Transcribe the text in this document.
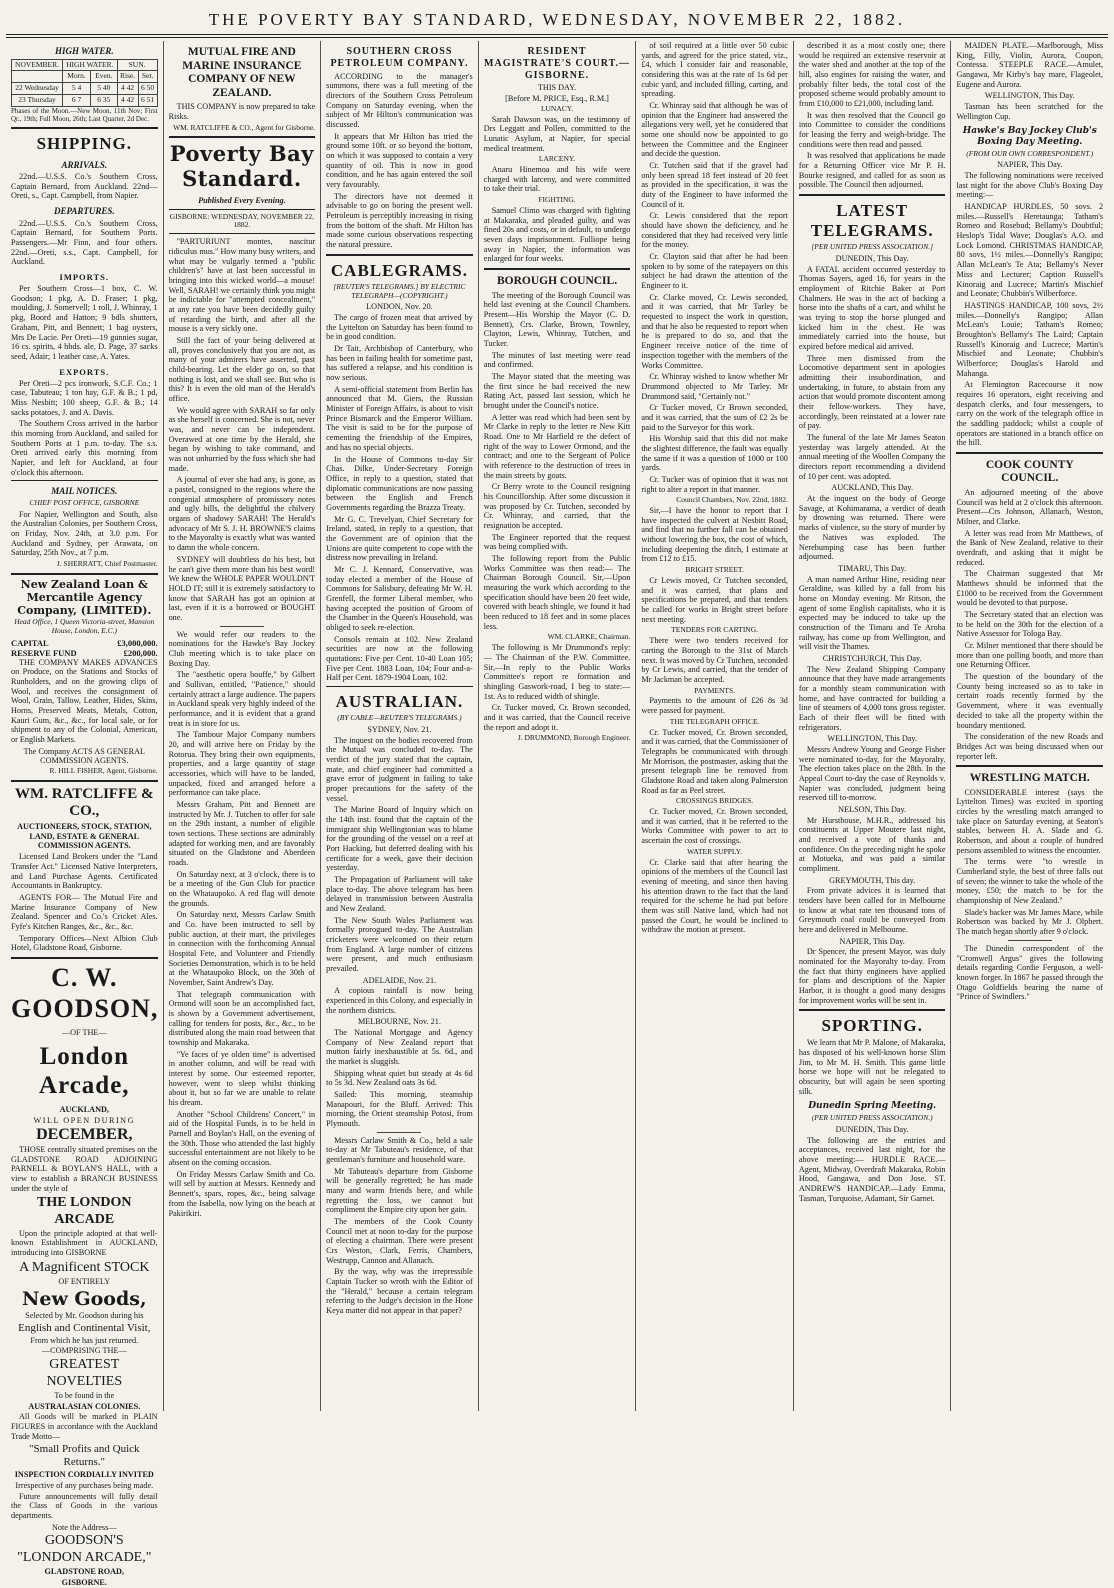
THE POVERTY BAY STANDARD, WEDNESDAY, NOVEMBER 22, 1882.
HIGH WATER.
NOVEMBER.	HIGH WATER.		SUN.	
	Morn.	Even.	Rise.	Set.
22 Wednesday	5 4	5 40	4 42	6 50
23 Thursday	6 7	6 35	4 42	6 51

Phases of the Moon.—New Moon, 11th Nov; First Qr., 19th; Full Moon, 26th; Last Quarter, 2d Dec.

SHIPPING.
ARRIVALS.

22nd.—U.S.S. Co.'s Southern Cross, Captain Bernard, from Auckland. 22nd—Oreti, s., Capt. Campbell, from Napier.

DEPARTURES.

22nd.—U.S.S. Co.'s Southern Cross, Captain Bernard, for Southern Ports. Passengers.—Mr Finn, and four others. 22nd.—Oreti, s.s., Capt. Campbell, for Auckland.

IMPORTS.

Per Southern Cross—1 box, C. W. Goodson; 1 pkg, A. D. Fraser; 1 pkg, moulding, J. Somervell; 1 roll, J. Whinray, 1 pkg, Boord and Hatton; 9 bdls shutters, Graham, Pitt, and Bennett; 1 bag oysters, Mrs De Lacie. Per Oreti—19 gunnies sugar, 16 cs. spirits, 4 hhds. ale, D. Page, 37 sacks seed, Adair; 1 leather case, A. Yates.

EXPORTS.

Per Oreti—2 pcs ironwork, S.C.F. Co.; 1 case, Tabuteau; 1 ton hay, G.F. & B.; 1 pd, Miss Nesbitt; 100 sheep, G.F. & B.; 14 sacks potatoes, J. and A. Davis.

The Southern Cross arrived in the harbor this morning from Auckland, and sailed for Southern Ports at 1 p.m. to-day. The s.s. Oreti arrived early this morning from Napier, and left for Auckland, at four o'clock this afternoon.

MAIL NOTICES.
CHIEF POST OFFICE, GISBORNE

For Napier, Wellington and South, also the Australian Colonies, per Southern Cross, on Friday, Nov. 24th, at 3.0 p.m. For Auckland and Sydney, per Arawata, on Saturday, 25th Nov., at 7 p.m.

J. SHERRATT, Chief Postmaster.
New Zealand Loan & Mercantile Agency Company, (LIMITED).
Head Office, 1 Queen Victoria-street, Mansion House, London, E.C.)
CAPITAL	£3,000,000.
RESERVE FUND	£200,000.

THE COMPANY MAKES ADVANCES on Produce, on the Stations and Stocks of Runholders, and on the growing clips of Wool, and receives the consignment of Wool, Grain, Tallow, Leather, Hides, Skins, Horns, Preserved Meats, Metals, Cotton, Kauri Gum, &c., &c., for local sale, or for shipment to any of the Colonial, American, or English Markets.

The Company ACTS AS GENERAL COMMISSION AGENTS.
R. HILL FISHER, Agent, Gisborne.
WM. RATCLIFFE & CO.,
AUCTIONEERS, STOCK, STATION, LAND, ESTATE & GENERAL COMMISSION AGENTS.

Licensed Land Brokers under the "Land Transfer Act." Licensed Native Interpreters, and Land Purchase Agents. Certificated Accountants in Bankruptcy.

AGENTS FOR— The Mutual Fire and Marine Insurance Company of New Zealand. Spencer and Co.'s Cricket Ales. Fyfe's Kitchen Ranges, &c., &c., &c.

Temporary Offices—Next Albion Club Hotel, Gladstone Road, Gisborne.

C. W. GOODSON,
—OF THE—
London Arcade,
AUCKLAND,
WILL OPEN DURING
DECEMBER,

THOSE centrally situated premises on the GLADSTONE ROAD ADJOINING PARNELL & BOYLAN'S HALL, with a view to establish a BRANCH BUSINESS under the style of

THE LONDON ARCADE

Upon the principle adopted at that well-known Establishment in AUCKLAND, introducing into GISBORNE

A Magnificent STOCK
OF ENTIRELY
New Goods,
Selected by Mr. Goodson during his
English and Continental Visit,
From which he has just returned.
—COMPRISING THE—
GREATEST NOVELTIES
To be found in the
AUSTRALASIAN COLONIES.

All Goods will be marked in PLAIN FIGURES in accordance with the Auckland Trade Motto—

"Small Profits and Quick Returns."
INSPECTION CORDIALLY INVITED
Irrespective of any purchases being made.

Future announcements will fully detail the Class of Goods in the various departments.

Note the Address—
GOODSON'S
"LONDON ARCADE,"
GLADSTONE ROAD,
GISBORNE.
MUTUAL FIRE AND MARINE INSURANCE COMPANY OF NEW ZEALAND.

THIS COMPANY is now prepared to take Risks.

WM. RATCLIFFE & CO., Agent for Gisborne.
Poverty Bay Standard.
Published Every Evening.
GISBORNE: WEDNESDAY, NOVEMBER 22, 1882.

"PARTURIUNT montes, nascitur ridiculus mus." How many busy writers, and what may be vulgarly termed a "public children's" have at last been successful in bringing into this wicked world—a mouse! Well, SARAH! we certainly think you might be indictable for "attempted concealment," at any rate you have been decidedly guilty of retarding the birth, and after all the mouse is a very sickly one.

Still the fact of your being delivered at all, proves conclusively that you are not, as many of your admirers have asserted, past child-bearing. Let the elder go on, so that nothing is lost, and we shall see. But who is this? It is even the old man of the Herald's office.

We would agree with SARAH so far only as she herself is concerned. She is not, never was, and never can be independent. Overawed at one time by the Herald, she began by wishing to take command, and was not unhurried by the fuss which she had made.

A journal of ever she had any, is gone, as a pastel, consigned to the regions where the congenial atmosphere of promissory notes and ugly bills, the delightful the chilvery organs of shadowy SARAH! The Herald's advocacy of Mr S. J. H. BROWNE'S claims to the Mayoralty is exactly what was wanted to damn the whole concern.

SYDNEY will doubtless do his best, but he can't give them more than his best word! We knew the WHOLE PAPER WOULDN'T HOLD IT; still it is extremely satisfactory to know that SARAH has got an opinion at last, even if it is a borrowed or BOUGHT one.

We would refer our readers to the nominations for the Hawke's Bay Jockey Club meeting which is to take place on Boxing Day.

The "aesthetic opera bouffe," by Gilbert and Sullivan, entitled, "Patience," should certainly attract a large audience. The papers in Auckland speak very highly indeed of the performance, and it is evident that a grand treat is in store for us.

The Tambour Major Company numbers 20, and will arrive here on Friday by the Rotorua. They bring their own equipments, properties, and a large quantity of stage accessories, which will have to be landed, unpacked, fixed and arranged before a performance can take place.

Messrs Graham, Pitt and Bennett are instructed by Mr. J. Tutchen to offer for sale on the 29th instant, a number of eligible town sections. These sections are admirably adapted for working men, and are favorably situated on the Gladstone and Aberdeen roads.

On Saturday next, at 3 o'clock, there is to be a meeting of the Gun Club for practice on the Whataupoko. A red flag will denote the grounds.

On Saturday next, Messrs Carlaw Smith and Co. have been instructed to sell by public auction, at their mart, the privileges in connection with the forthcoming Annual Hospital Fete, and Volunteer and Friendly Societies Demonstration, which is to be held at the Whataupoko Block, on the 30th of November, Saint Andrew's Day.

That telegraph communication with Ormond will soon be an accomplished fact, is shown by a Government advertisement, calling for tenders for posts, &c., &c., to be distributed along the main road between that township and Makaraka.

"Ye faces of ye olden time" is advertised in another column, and will be read with interest by some. Our esteemed reporter, however, went to sleep whilst thinking about it, but so far we are unable to relate his dream.

Another "School Childrens' Concert," in aid of the Hospital Funds, is to be held in Parnell and Boylan's Hall, on the evening of the 30th. Those who attended the last highly successful entertainment are not likely to be absent on the coming occasion.

On Friday Messrs Carlaw Smith and Co. will sell by auction at Messrs. Kennedy and Bennett's, spars, ropes, &c., being salvage from the Isabella, now lying on the beach at Pakirikiri.

SOUTHERN CROSS PETROLEUM COMPANY.

ACCORDING to the manager's summons, there was a full meeting of the directors of the Southern Cross Petroleum Company on Saturday evening, when the subject of Mr Hilton's communication was discussed.

It appears that Mr Hilton has tried the ground some 10ft. or so beyond the bottom, on which it was supposed to contain a very quantity of oil. This is now in good condition, and he has again entered the soil very favourably.

The directors have not deemed it advisable to go on boring the present well. Petroleum is perceptibly increasing in rising from the bottom of the shaft. Mr Hilton has made some curious observations respecting the natural pressure.

CABLEGRAMS.
[REUTER'S TELEGRAMS.] BY ELECTRIC TELEGRAPH—(COPYRIGHT.)
LONDON, Nov. 20.

The cargo of frozen meat that arrived by the Lyttelton on Saturday has been found to be in good condition.

Dr Tait, Archbishop of Canterbury, who has been in failing health for sometime past, has suffered a relapse, and his condition is now serious.

A semi-official statement from Berlin has announced that M. Giers, the Russian Minister of Foreign Affairs, is about to visit Prince Bismarck and the Emperor William. The visit is said to be for the purpose of cementing the friendship of the Empires, and has no special objects.

In the House of Commons to-day Sir Chas. Dilke, Under-Secretary Foreign Office, in reply to a question, stated that diplomatic communications are now passing between the English and French Governments regarding the Brazza Treaty.

Mr G. C. Trevelyan, Chief Secretary for Ireland, stated, in reply to a question, that the Government are of opinion that the Unions are quite competent to cope with the distress now prevailing in Ireland.

Mr C. J. Kennard, Conservative, was today elected a member of the House of Commons for Salisbury, defeating Mr W. H. Grenfell, the former Liberal member, who having accepted the position of Groom of the Chamber in the Queen's Household, was obliged to seek re-election.

Consols remain at 102. New Zealand securities are now at the following quotations: Five per Cent. 10-40 Loan 105; Five per Cent. 1883 Loan, 104; Four and-a-Half per Cent. 1879-1904 Loan, 102.

AUSTRALIAN.
(BY CABLE—REUTER'S TELEGRAMS.)
SYDNEY, Nov. 21.

The inquest on the bodies recovered from the Mutual was concluded to-day. The verdict of the jury stated that the captain, mate, and chief engineer had committed a grave error of judgment in failing to take proper precautions for the safety of the vessel.

The Marine Board of Inquiry which on the 14th inst. found that the captain of the immigrant ship Wellingtonian was to blame for the grounding of the vessel on a reef at Port Hacking, but deferred dealing with his certificate for a week, gave their decision yesterday.

The Propagation of Parliament will take place to-day. The above telegram has been delayed in transmission between Australia and New Zealand.

The New South Wales Parliament was formally prorogued to-day. The Australian cricketers were welcomed on their return from England. A large number of citizens were present, and much enthusiasm prevailed.

ADELAIDE, Nov. 21.

A copious rainfall is now being experienced in this Colony, and especially in the northern districts.

MELBOURNE, Nov. 21.

The National Mortgage and Agency Company of New Zealand report that mutton fairly inexhaustible at 5s. 6d., and the market is sluggish.

Shipping wheat quiet but steady at 4s 6d to 5s 3d. New Zealand oats 3s 6d.

Sailed: This morning, steamship Manapouri, for the Bluff. Arrived: This morning, the Orient steamship Potosi, from Plymouth.

Messrs Carlaw Smith & Co., held a sale to-day at Mr Tabuteau's residence, of that gentleman's furniture and household ware.

Mr Tabuteau's departure from Gisborne will be generally regretted; he has made many and warm friends here, and while regretting the loss, we cannot but compliment the Empire city upon her gain.

The members of the Cook County Council met at noon to-day for the purpose of electing a chairman. There were present Crs Weston, Clark, Ferris, Chambers, Westrupp, Cannon and Allanach.

By the way, why was the irrepressible Captain Tucker so wroth with the Editor of the "Herald," because a certain telegram referring to the Judge's decision in the Hone Keya matter did not appear in that paper?

RESIDENT MAGISTRATE'S COURT.—GISBORNE.
THIS DAY.
[Before M. PRICE, Esq., R.M.]
LUNACY.

Sarah Dawson was, on the testimony of Drs Leggatt and Pollen, committed to the Lunatic Asylum, at Napier, for special medical treatment.

LARCENY.

Anaru Hinemoa and his wife were charged with larceny, and were committed to take their trial.

FIGHTING.

Samuel Climo was charged with fighting at Makaraka, and pleaded guilty, and was fined 20s and costs, or in default, to undergo seven days imprisonment. Fulliope being away in Napier, the information was enlarged for four weeks.

BOROUGH COUNCIL.

The meeting of the Borough Council was held last evening at the Council Chambers. Present—His Worship the Mayor (C. D. Bennett), Crs. Clarke, Brown, Townley, Clayton, Lewis, Whinray, Tutchen, and Tucker.

The minutes of last meeting were read and confirmed.

The Mayor stated that the meeting was the first since he had received the new Rating Act, passed last session, which he brought under the Council's notice.

A letter was read which had been sent by Mr Clarke in reply to the letter re New Kitt Road. One to Mr Harfield re the defect of right of the way to Lower Ormond, and the contract; and one to the Sergeant of Police with reference to the destruction of trees in the main streets by goats.

Cr Berry wrote to the Council resigning his Councillorship. After some discussion it was proposed by Cr. Tutchen, seconded by Cr. Whinray, and carried, that the resignation be accepted.

The Engineer reported that the request was being complied with.

The following report from the Public Works Committee was then read:— The Chairman Borough Council. Sir,—Upon measuring the work which according to the specification should have been 20 feet wide, covered with beach shingle, we found it had been reduced to 18 feet and in some places less.

WM. CLARKE, Chairman.

The following is Mr Drummond's reply:— The Chairman of the P.W. Committee. Sir,—In reply to the Public Works Committee's report re formation and shingling Gaswork-road, I beg to state:—1st. As to reduced width of shingle.

Cr. Tucker moved, Cr. Brown seconded, and it was carried, that the Council receive the report and adopt it.

J. DRUMMOND, Borough Engineer.

of soil required at a little over 50 cubic yards, and agreed for the price stated, viz., £4, which I consider fair and reasonable, considering this was at the rate of 1s 6d per cubic yard, and included filling, carting, and spreading.

Cr. Whinray said that although he was of opinion that the Engineer had answered the allegations very well, yet he considered that some one should now be appointed to go between the Committee and the Engineer and decide the question.

Cr. Tutchen said that if the gravel had only been spread 18 feet instead of 20 feet as provided in the specification, it was the duty of the Engineer to have informed the Council of it.

Cr. Lewis considered that the report should have shown the deficiency, and he considered that they had received very little for the money.

Cr. Clayton said that after he had been spoken to by some of the ratepayers on this subject he had drawn the attention of the Engineer to it.

Cr. Clarke moved, Cr. Lewis seconded, and it was carried, that Mr Tarley be requested to inspect the work in question, and that he also be requested to report when he is prepared to do so, and that the Engineer receive notice of the time of inspection together with the members of the Works Committee.

Cr. Whinray wished to know whether Mr Drummond objected to Mr Tarley. Mr Drummond said, "Certainly not."

Cr Tucker moved, Cr Brown seconded, and it was carried, that the sum of £2 2s be paid to the Surveyor for this work.

His Worship said that this did not make the slightest difference, the fault was equally the same if it was a question of 1000 or 100 yards.

Cr. Tucker was of opinion that it was not right to alter a report in that manner.

Council Chambers, Nov. 22nd, 1882.

Sir,—I have the honor to report that I have inspected the culvert at Nesbitt Road, and find that no further fall can be obtained without lowering the box, the cost of which, including deepening the ditch, I estimate at from £12 to £15.

BRIGHT STREET.

Cr Lewis moved, Cr Tutchen seconded, and it was carried, that plans and specifications be prepared, and that tenders be called for works in Bright street before next meeting.

TENDERS FOR CARTING.

There were two tenders received for carting the Borough to the 31st of March next. It was moved by Cr Tutchen, seconded by Cr Lewis, and carried, that the tender of Mr Jackman be accepted.

PAYMENTS.

Payments to the amount of £26 8s 3d were passed for payment.

THE TELEGRAPH OFFICE.

Cr. Tucker moved, Cr. Brown seconded, and it was carried, that the Commissioner of Telegraphs be communicated with through Mr Morrison, the postmaster, asking that the present telegraph line be removed from Gladstone Road and taken along Palmerston Road as far as Peel street.

CROSSINGS BRIDGES.

Cr. Tucker moved, Cr. Brown seconded, and it was carried, that it be referred to the Works Committee with power to act to ascertain the cost of crossings.

WATER SUPPLY.

Cr. Clarke said that after hearing the opinions of the members of the Council last evening of meeting, and since then having his attention drawn to the fact that the land required for the scheme he had put before them was still Native land, which had not passed the Court, he would be inclined to withdraw the motion at present.

described it as a most costly one; there would be required an extensive reservoir at the water shed and another at the top of the hill, also engines for raising the water, and probably filter beds, the total cost of the proposed scheme would probably amount to from £10,000 to £21,000, including land.

It was then resolved that the Council go into Committee to consider the conditions for leasing the ferry and weigh-bridge. The conditions were then read and passed.

It was resolved that applications be made for a Returning Officer vice Mr P. H. Bourke resigned, and called for as soon as possible. The Council then adjourned.

LATEST TELEGRAMS.
[PER UNITED PRESS ASSOCIATION.]
DUNEDIN, This Day.

A FATAL accident occurred yesterday to Thomas Sayers, aged 16, for years in the employment of Ritchie Baker at Port Chalmers. He was in the act of backing a horse into the shafts of a cart, and whilst he was trying to stop the horse plunged and kicked him in the chest. He was immediately carried into the house, but expired before medical aid arrived.

Three men dismissed from the Locomotive department sent in apologies admitting their insubordination, and undertaking, in future, to abstain from any action that would promote discontent among their fellow-workers. They have, accordingly, been reinstated at a lower rate of pay.

The funeral of the late Mr James Seaton yesterday was largely attended. At the annual meeting of the Woollen Company the directors report recommending a dividend of 10 per cent. was adopted.

AUCKLAND, This Day.

At the inquest on the body of George Savage, at Kohimarama, a verdict of death by drowning was returned. There were marks of violence, so the story of murder by the Natives was exploded. The Nerebumping case has been further adjourned.

TIMARU, This Day.

A man named Arthur Hine, residing near Geraldine, was killed by a fall from his horse on Monday evening. Mr Ritson, the agent of some English capitalists, who it is expected may be induced to take up the construction of the Timaru and Te Aroha railway, has come up from Wellington, and will visit the Thames.

CHRISTCHURCH, This Day.

The New Zealand Shipping Company announce that they have made arrangements for a monthly steam communication with home, and have contracted for building a line of steamers of 4,000 tons gross register. Each of their fleet will be fitted with refrigerators.

WELLINGTON, This Day.

Messrs Andrew Young and George Fisher were nominated to-day, for the Mayoralty. The election takes place on the 28th. In the Appeal Court to-day the case of Reynolds v. Napier was concluded, judgment being reserved till to-morrow.

NELSON, This Day.

Mr Hursthouse, M.H.R., addressed his constituents at Upper Moutere last night, and received a vote of thanks and confidence. On the preceding night he spoke at Motueka, and was paid a similar compliment.

GREYMOUTH, This day.

From private advices it is learned that tenders have been called for in Melbourne to know at what rate ten thousand tons of Greymouth coal could be conveyed from here and delivered in Melbourne.

NAPIER, This Day.

Dr Spencer, the present Mayor, was duly nominated for the Mayoralty to-day. From the fact that thirty engineers have applied for plans and descriptions of the Napier Harbor, it is thought a good many designs for improvement works will be sent in.

SPORTING.

We learn that Mr P. Malone, of Makaraka, has disposed of his well-known horse Slim Jim, to Mr M. H. Smith. This game little horse we hope will not be relegated to obscurity, but will again be seen sporting silk.

Dunedin Spring Meeting.
(PER UNITED PRESS ASSOCIATION.)
DUNEDIN, This Day.

The following are the entries and acceptances, received last night, for the above meeting:— HURDLE RACE.—Agent, Midway, Overdraft Makaraka, Robin Hood, Gangawa, and Don Jose. ST. ANDREW'S HANDICAP.—Lady Emma, Tasman, Turquoise, Adamant, Sir Garnet.

MAIDEN PLATE.—Marlborough, Miss King, Filly, Violin, Aurora, Coupon, Contessa. STEEPLE RACE.—Amulet, Gangawa, Mr Kirby's bay mare, Flageolet, Eugene and Aurora.

WELLINGTON, This Day.

Tasman has been scratched for the Wellington Cup.

Hawke's Bay Jockey Club's Boxing Day Meeting.
(FROM OUR OWN CORRESPONDENT.)
NAPIER, This Day.

The following nominations were received last night for the above Club's Boxing Day meeting:—

HANDICAP HURDLES, 50 sovs. 2 miles.—Russell's Heretaunga; Tatham's Romeo and Rosebud; Bellamy's Doubtful; Heslop's Tidal Wave; Douglas's A.O. and Lock Lomond. CHRISTMAS HANDICAP, 80 sovs, 1½ miles.—Donnelly's Rangipo; Allan McLean's Te Ata; Bellamy's Never Miss and Lecturer; Caption Russell's Kinoraig and Lucrece; Martin's Mischief and Leonate; Chubbin's Wilberforce.

HASTINGS HANDICAP, 100 sovs, 2½ miles.—Donnelly's Rangipo; Allan McLean's Louie; Tatham's Romeo; Broughton's Bellamy's The Laird; Captain Russell's Kinoraig and Lucrece; Martin's Mischief and Leonate; Chubbin's Wilberforce; Douglas's Harold and Mahanga.

At Flemington Racecourse it now requires 16 operators, eight receiving and despatch clerks, and four messengers, to carry on the work of the telegraph office in the saddling paddock; whilst a couple of operators are stationed in a branch office on the hill.

COOK COUNTY COUNCIL.

An adjourned meeting of the above Council was held at 2 o'clock this afternoon. Present—Crs Johnson, Allanach, Weston, Milner, and Clarke.

A letter was read from Mr Matthews, of the Bank of New Zealand, relative to their overdraft, and asking that it might be reduced.

The Chairman suggested that Mr Matthews should be informed that the £1000 to be received from the Government would be devoted to that purpose.

The Secretary stated that an election was to be held on the 30th for the election of a Native Assessor for Tologa Bay.

Cr. Milner mentioned that there should be more than one polling booth, and more than one Returning Officer.

The question of the boundary of the County being increased so as to take in certain roads recently formed by the Government, where it was eventually decided to take all the property within the boundary mentioned.

The consideration of the new Roads and Bridges Act was being discussed when our reporter left.

WRESTLING MATCH.

CONSIDERABLE interest (says the Lyttelton Times) was excited in sporting circles by the wrestling match arranged to take place on Saturday evening, at Seaton's stables, between H. A. Slade and G. Robertson, and about a couple of hundred persons assembled to witness the encounter.

The terms were "to wrestle in Cumberland style, the best of three falls out of seven; the winner to take the whole of the money, £50; the match to be for the championship of New Zealand."

Slade's backer was Mr James Mace, while Robertson was backed by Mr J. Olphert. The match began shortly after 9 o'clock.

The Dunedin correspondent of the "Cromwell Argus" gives the following details regarding Cordie Ferguson, a well-known forger. In 1867 he passed through the Otago Goldfields bearing the name of "Prince of Swindlers."
